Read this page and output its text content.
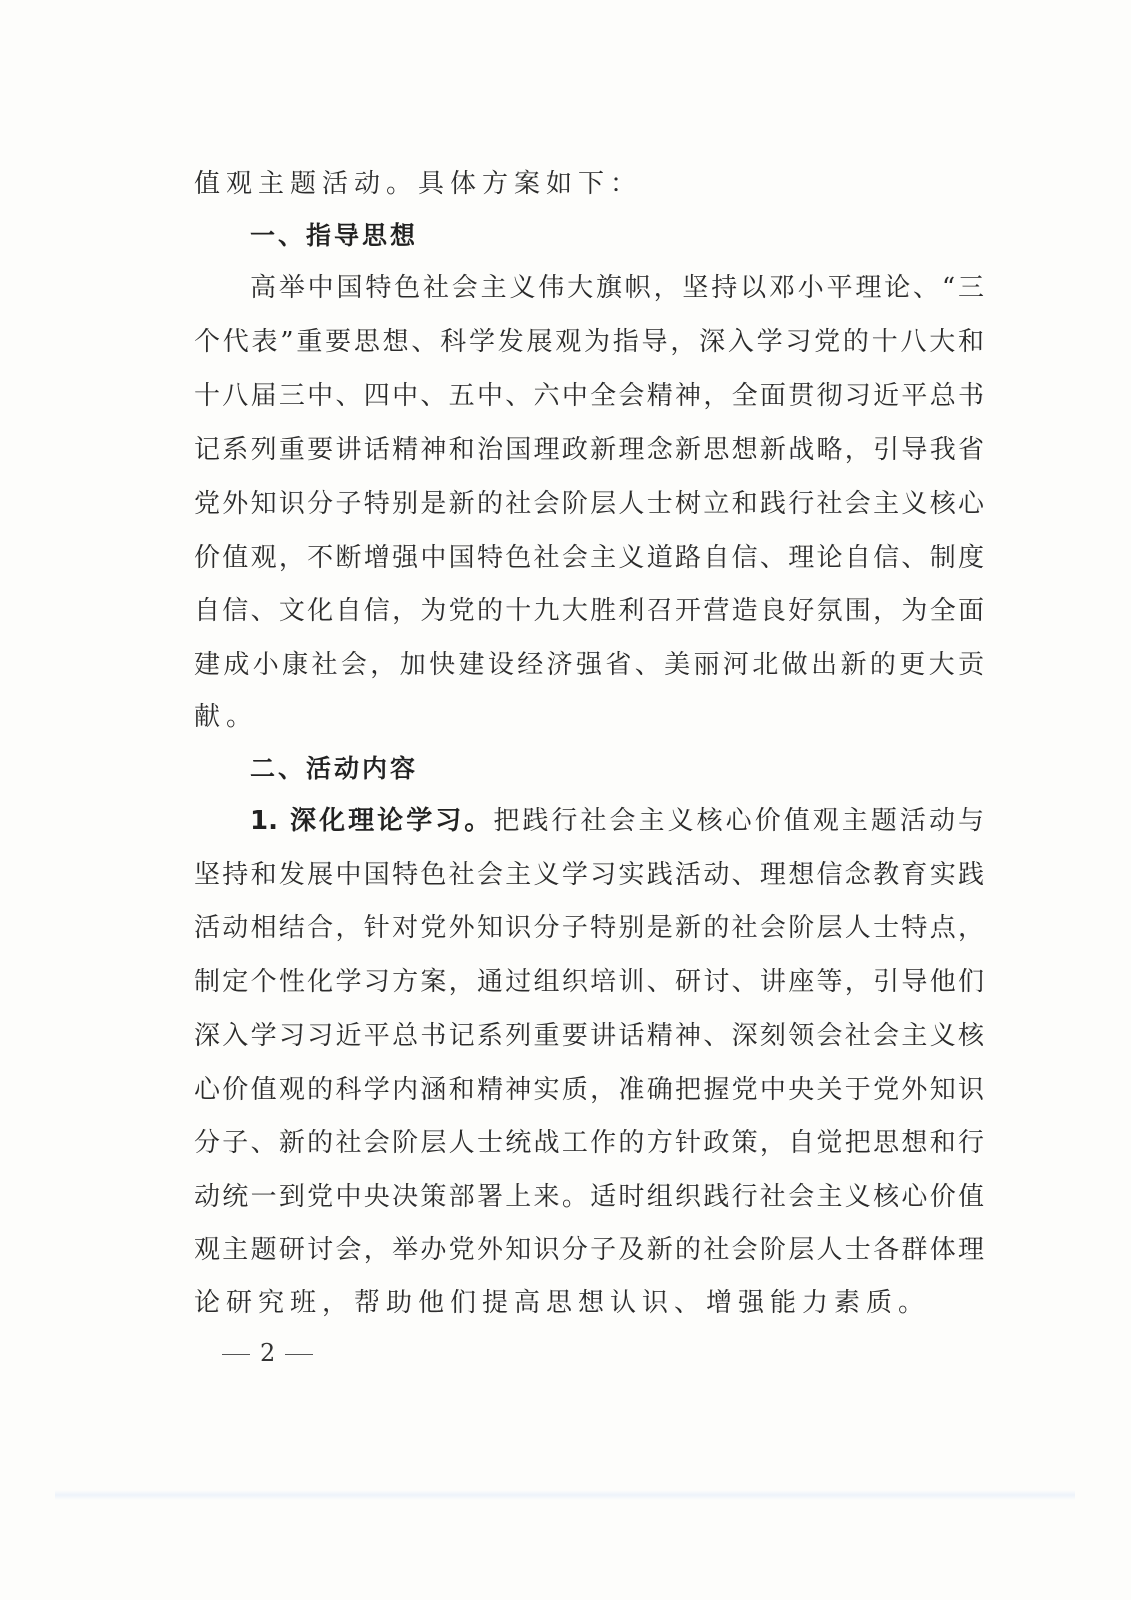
值观主题活动。具体方案如下：
一、指导思想
高举中国特色社会主义伟大旗帜，坚持以邓小平理论、“三
个代表”重要思想、科学发展观为指导，深入学习党的十八大和
十八届三中、四中、五中、六中全会精神，全面贯彻习近平总书
记系列重要讲话精神和治国理政新理念新思想新战略，引导我省
党外知识分子特别是新的社会阶层人士树立和践行社会主义核心
价值观，不断增强中国特色社会主义道路自信、理论自信、制度
自信、文化自信，为党的十九大胜利召开营造良好氛围，为全面
建成小康社会，加快建设经济强省、美丽河北做出新的更大贡
献。
二、活动内容
1. 深化理论学习。把践行社会主义核心价值观主题活动与
坚持和发展中国特色社会主义学习实践活动、理想信念教育实践
活动相结合，针对党外知识分子特别是新的社会阶层人士特点，
制定个性化学习方案，通过组织培训、研讨、讲座等，引导他们
深入学习习近平总书记系列重要讲话精神、深刻领会社会主义核
心价值观的科学内涵和精神实质，准确把握党中央关于党外知识
分子、新的社会阶层人士统战工作的方针政策，自觉把思想和行
动统一到党中央决策部署上来。适时组织践行社会主义核心价值
观主题研讨会，举办党外知识分子及新的社会阶层人士各群体理
论研究班，帮助他们提高思想认识、增强能力素质。
2
